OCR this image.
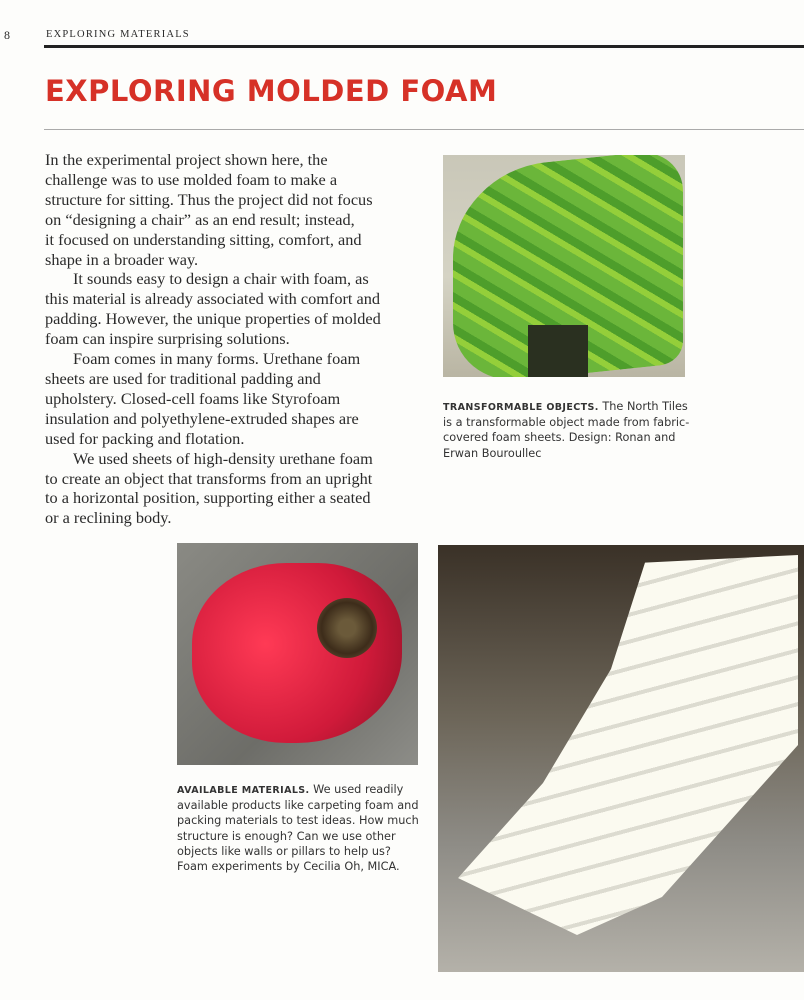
8	EXPLORING MATERIALS
EXPLORING MOLDED FOAM
In the experimental project shown here, the
challenge was to use molded foam to make a
structure for sitting. Thus the project did not focus
on “designing a chair” as an end result; instead,
it focused on understanding sitting, comfort, and
shape in a broader way.
It sounds easy to design a chair with foam, as
this material is already associated with comfort and
padding. However, the unique properties of molded
foam can inspire surprising solutions.
Foam comes in many forms. Urethane foam
sheets are used for traditional padding and
upholstery. Closed-cell foams like Styrofoam
insulation and polyethylene-extruded shapes are
used for packing and flotation.
We used sheets of high-density urethane foam
to create an object that transforms from an upright
to a horizontal position, supporting either a seated
or a reclining body.
TRANSFORMABLE OBJECTS. The North Tiles is a transformable object made from fabric-covered foam sheets. Design: Ronan and Erwan Bouroullec
AVAILABLE MATERIALS. We used readily available products like carpeting foam and packing materials to test ideas. How much structure is enough? Can we use other objects like walls or pillars to help us? Foam experiments by Cecilia Oh, MICA.
